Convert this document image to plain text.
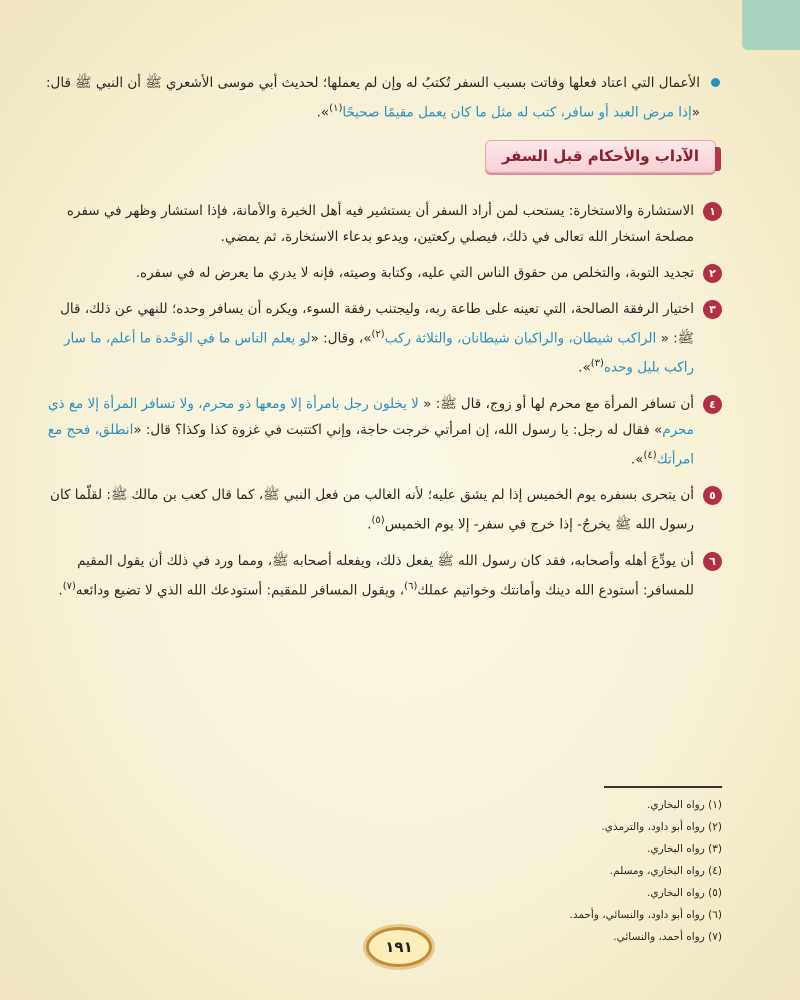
الأعمال التي اعتاد فعلها وفاتت بسبب السفر تُكتبُ له وإن لم يعملها؛ لحديث أبي موسى الأشعري ﷺ أن النبي ﷺ قال: «إذا مرض العبد أو سافر، كتب له مثل ما كان يعمل مقيمًا صحيحًا$^{(١)}$».
الآداب والأحكام قبل السفر
١
الاستشارة والاستخارة: يستحب لمن أراد السفر أن يستشير فيه أهل الخبرة والأمانة، فإذا استشار وظهر في سفره مصلحة استخار الله تعالى في ذلك، فيصلي ركعتين، ويدعو بدعاء الاستخارة، ثم يمضي.
٢
تجديد التوبة، والتخلص من حقوق الناس التي عليه، وكتابة وصيته، فإنه لا يدري ما يعرض له في سفره.
٣
اختيار الرفقة الصالحة، التي تعينه على طاعة ربه، وليجتنب رفقة السوء، ويكره أن يسافر وحده؛ للنهي عن ذلك، قال ﷺ: « الراكب شيطان، والراكبان شيطانان، والثلاثة ركب$^{(٢)}$»، وقال: «لو يعلم الناس ما في الوَحْدة ما أعلم، ما سار راكب بليل وحده$^{(٣)}$».
٤
أن تسافر المرأة مع محرم لها أو زوج، قال ﷺ: « لا يخلون رجل بامرأة إلا ومعها ذو محرم، ولا تسافر المرأة إلا مع ذي محرم» فقال له رجل: يا رسول الله، إن امرأتي خرجت حاجة، وإني اكتتبت في غزوة كذا وكذا؟ قال: «انطلق، فحج مع امرأتك$^{(٤)}$».
٥
أن يتحرى بسفره يوم الخميس إذا لم يشق عليه؛ لأنه الغالب من فعل النبي ﷺ، كما قال كعب بن مالك ﷺ: لقلّما كان رسول الله ﷺ يخرجُ- إذا خرج في سفر- إلا يوم الخميس$^{(٥)}$.
٦
أن يودِّعَ أهله وأصحابه، فقد كان رسول الله ﷺ يفعل ذلك، ويفعله أصحابه ﷺ، ومما ورد في ذلك أن يقول المقيم للمسافر: أستودع الله دينك وأمانتك وخواتيم عملك$^{(٦)}$، ويقول المسافر للمقيم: أستودعك الله الذي لا تضيع ودائعه$^{(٧)}$.
(١) رواه البخاري.
(٢) رواه أبو داود، والترمذي.
(٣) رواه البخاري.
(٤) رواه البخاري، ومسلم.
(٥) رواه البخاري.
(٦) رواه أبو داود، والنسائي، وأحمد.
(٧) رواه أحمد، والنسائي.
١٩١
